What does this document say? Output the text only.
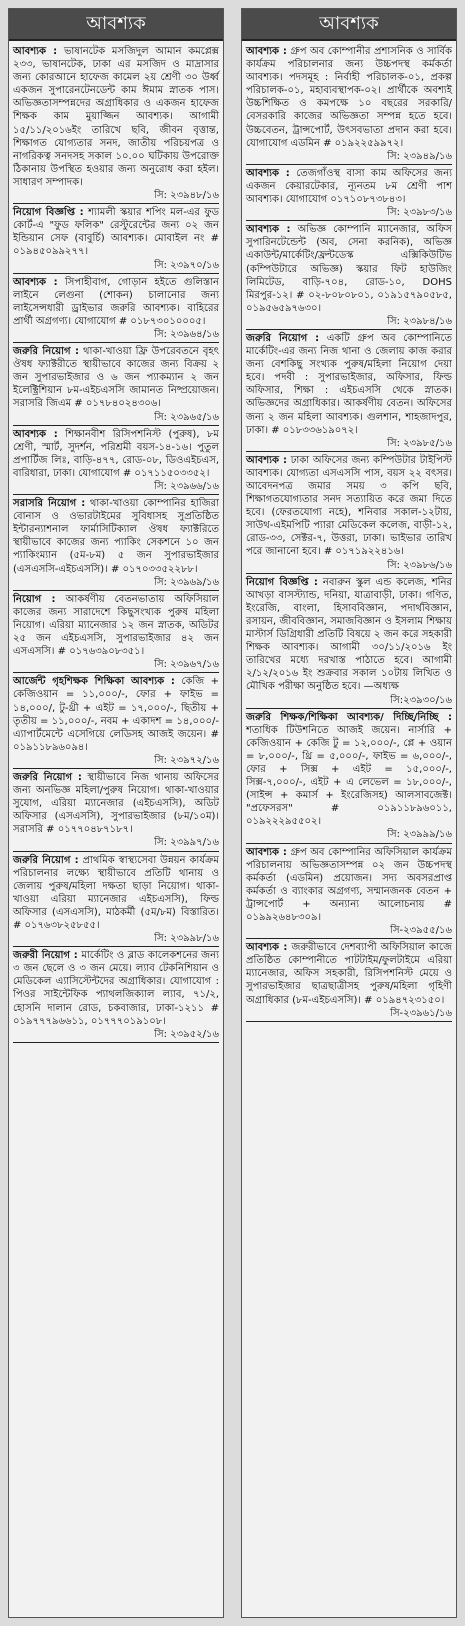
আবশ্যক
আবশ্যক : ভাষানটেক মসজিদুল আমান কমপ্লেক্স ২৩৩, ভাষানটেক, ঢাকা এর মসজিদ ও মাদ্রাসার জন্য কোরআনে হাফেজ কামেল ২য় শ্রেণী ৩০ উর্ধ্ব একজন সুপারেনটেনডেন্ট কাম ঈমাম স্নাতক পাস। অভিজ্ঞতাসম্পন্নদের অগ্রাধিকার ও একজন হাফেজ শিক্ষক কাম মুয়াজ্জিন আবশ্যক। আগামী ১৫/১১/২০১৬ইং তারিখে ছবি, জীবন বৃত্তান্ত, শিক্ষাগত যোগ্যতার সনদ, জাতীয় পরিচয়পত্র ও নাগরিকত্ব সনদসহ সকাল ১০.০০ ঘটিকায় উপরোক্ত ঠিকানায় উপস্থিত হওয়ার জন্য অনুরোধ করা হইল। সাধারণ সম্পাদক।
সি: ২৩৯৪৮/১৬
নিয়োগ বিজ্ঞপ্তি : শ্যামলী স্কয়ার শপিং মল-এর ফুড কোর্ট-এ "ফুড ফলিক" রেস্টুরেন্টের জন্য ০২ জন ইন্ডিয়ান সেফ (বাবুর্চি) আবশ্যক। মোবাইল নং # ০১৯৪৫০৯৯২৭৭।
সি: ২৩৯৭০/১৬
আবশ্যক : সিপাহীবাগ, গোড়ান হইতে গুলিস্তান লাইনে লেগুনা (শোকন) চালানোর জন্য লাইসেন্সধারী ড্রাইভার জরুরি আবশ্যক। বাহিরের প্রার্থী অগ্রগণ্য। যোগাযোগ # ০১৮৭৩০১০০০৫।
সি: ২৩৯৬৪/১৬
জরুরি নিয়োগ : থাকা-খাওয়া ফ্রি উপরেবতনে বৃহৎ ঔষধ ফ্যাক্টরীতে স্থায়ীভাবে কাজের জন্য বিক্রয় ২ জন সুপারভাইজার ও ৬ জন প্যাকম্যান ২ জন ইলেক্ট্রিশিয়ান ৮ম-এইচএসসি জামানত নিষ্প্রয়োজন। সরাসরি জিএম # ০১৭৮৪০২৪৩০৬।
সি: ২৩৯৬৫/১৬
আবশ্যক : শিক্ষানবীশ রিসিপশনিস্ট (পুরুষ), ৮ম শ্রেণী, স্মার্ট, সুদর্শন, পরিশ্রমী বয়স-১৪-১৬। পুতুল প্রপার্টিজ লিঃ, বাড়ি-৪৭৭, রোড-০৮, ডিওএইচএস, বারিধারা, ঢাকা। যোগাযোগ # ০১৭১১৫০৩৩৫২।
সি: ২৩৯৬৬/১৬
সরাসরি নিয়োগ : থাকা-খাওয়া কোম্পানির হাজিরা বোনাস ও ওভারটাইমের সুবিধাসহ সুপ্রতিষ্ঠিত ইন্টারন্যাশনাল ফার্মাসিটিক্যাল ঔষধ ফ্যাক্টরিতে স্থায়ীভাবে কাজের জন্য প্যাকিং সেকশনে ১০ জন প্যাকিংম্যান (৫ম-৮ম) ৫ জন সুপারভাইজার (এসএসসি-এইচএসসি)। # ০১৭০৩৩৫২২৮৮।
সি: ২৩৯৬৯/১৬
নিয়োগ : আকর্ষণীয় বেতনভাতায় অফিসিয়াল কাজের জন্য সারাদেশে কিছুসংখ্যক পুরুষ মহিলা নিয়োগ। এরিয়া ম্যানেজার ১২ জন স্নাতক, অডিটর ২৫ জন এইচএসসি, সুপারভাইজার ৪২ জন এসএসসি। # ০১৭৬৩৯০৮৩৫১।
সি: ২৩৯৬৭/১৬
আর্জেন্ট গৃহশিক্ষক শিক্ষিকা আবশ্যক : কেজি + কেজিওয়ান = ১১,০০০/-, ফোর + ফাইভ = ১৪,০০০/, টু-থ্রী + এইট = ১৭,০০০/-, ছিতীয় + তৃতীয় = ১১,০০০/-, নবম + একাদশ = ১৪,০০০/- এ্যাপার্টমেন্টে এসেগিয়ে লেডিসহ আজই জয়েন। # ০১৯১১৮৯৬০৯৪।
সি: ২৩৯৭২/১৬
জরুরি নিয়োগ : স্থায়ীভাবে নিজ থানায় অফিসের জন্য অনভিজ্ঞ মহিলা/পুরুষ নিয়োগ। থাকা-খাওয়ার সুযোগ, এরিয়া ম্যানেজার (এইচএসসি), অডিট অফিসার (এসএসসি), সুপারভাইজার (৮ম/১০ম)। সরাসরি # ০১৭৭০৪৮৭১৮৭।
সি: ২৩৯৯৭/১৬
জরুরি নিয়োগ : প্রাথমিক স্বাস্থ্যসেবা উন্নয়ন কার্যক্রম পরিচালনার লক্ষ্যে স্থায়ীভাবে প্রতিটি থানায় ও জেলায় পুরুষ/মহিলা দক্ষতা ছাড়া নিয়োগ। থাকা-খাওয়া এরিয়া ম্যানেজার এইচএসসি), ফিল্ড অফিসার (এসএসসি), মাঠকর্মী (৫ম/৮ম) বিস্তারিত। # ০১৭৬৩৮২৫৮৫৫।
সি: ২৩৯৯৮/১৬
জরুরী নিয়োগ : মার্কেটিং ও ব্লাড কালেকশনের জন্য ৩ জন ছেলে ও ৩ জন মেয়ে। ল্যাব টেকনিশিয়ান ও মেডিকেল এ্যাসিস্টেন্টদের অগ্রাধিকার। যোগাযোগ : পিওর সাইন্টেফিক প্যাথলজিক্যাল ল্যাব, ৭১/২, হোসনি দালান রোড, চকবাজার, ঢাকা-১২১১ # ০১৯৭৭৭৯৬৬১১, ০১৭৭৭০১৯১০৮।
সি: ২৩৯৫২/১৬
আবশ্যক
আবশ্যক : গ্রুপ অব কোম্পানীর প্রশাসনিক ও সার্বিক কার্যক্রম পরিচালনার জন্য উচ্চপদস্থ কর্মকর্তা আবশ্যক। পদসমূহ : নির্বাহী পরিচালক-০১, প্রকল্প পরিচালক-০১, মহাব্যবস্থাপক-০২। প্রার্থীকে অবশ্যই উচ্চশিক্ষিত ও কমপক্ষে ১০ বছরের সরকারি/বেসরকারি কাজের অভিজ্ঞতা সম্পন্ন হতে হবে। উচ্চবেতন, ট্রান্সপোর্ট, উৎসবভাতা প্রদান করা হবে। যোগাযোগ এডমিন # ০১৯২২৫৯৯৭২।
সি: ২৩৯৪৯/১৬
আবশ্যক : তেজগাঁওস্থ বাসা কাম অফিসের জন্য একজন কেয়ারটেকার, ন্যূনতম ৮ম শ্রেণী পাশ আবশ্যক। যোগাযোগ ০১৭১০৮৭৩৮৪৩।
সি: ২৩৯৮৩/১৬
আবশ্যক : অভিজ্ঞ কোম্পানি ম্যানেজার, অফিস সুপারিনটেন্ডেন্ট (অব, সেনা করনিক), অভিজ্ঞ একাউন্ট/মার্কেটিং/ফ্রন্টডেস্ক এক্সিকিউটিভ (কম্পিউটারে অভিজ্ঞ) স্কয়ার ফিট হাউজিং লিমিটেড, বাড়ি-৭০৪, রোড-১০, DOHS মিরপুর-১২। # ০২-৮০৮০৮০১, ০১৯১৫৭৯০৫৮৫, ০১৯৫৬৫৯৭৬৩০।
সি: ২৩৯৮৪/১৬
জরুরি নিয়োগ : একটি গ্রুপ অব কোম্পানিতে মার্কেটিং-এর জন্য নিজ থানা ও জেলায় কাজ করার জন্য বেশকিছু সংখ্যক পুরুষ/মহিলা নিয়োগ দেয়া হবে। পদবী : সুপারভাইজার, অফিসার, ফিল্ড অফিসার, শিক্ষা : এইচএসসি থেকে স্নাতক। অভিজ্ঞদের অগ্রাধিকার। আকর্ষণীয় বেতন। অফিসের জন্য ২ জন মহিলা আবশ্যক। গুলশান, শাহজাদপুর, ঢাকা। # ০১৮৩৩৬১৯০৭২।
সি: ২৩৯৮৫/১৬
আবশ্যক : ঢাকা অফিসের জন্য কম্পিউটার টাইপিস্ট আবশ্যক। যোগ্যতা এসএসসি পাস, বয়স ২২ বৎসর। আবেদনপত্র জমার সময় ৩ কপি ছবি, শিক্ষাগতযোগ্যতার সনদ সত্যায়িত করে জমা দিতে হবে। (ফেরতযোগ্য নহে), শনিবার সকাল-১২টায়, সাউথ-এইমপিটি প্যারা মেডিকেল কলেজ, বাড়ী-১২, রোড-৩৩, সেক্টর-৭, উত্তরা, ঢাকা। ভাইভার তারিখ পরে জানানো হবে। # ০১৭১৯২২৪১৬।
সি: ২৩৯৮৬/১৬
নিয়োগ বিজ্ঞপ্তি : নবারুন স্কুল এন্ড কলেজ, শনির আখড়া বাসস্ট্যান্ড, দনিয়া, যাত্রাবাড়ী, ঢাকা। গণিত, ইংরেজি, বাংলা, হিসাববিজ্ঞান, পদার্থবিজ্ঞান, রসায়ন, জীববিজ্ঞান, সমাজবিজ্ঞান ও ইসলাম শিক্ষায় মাস্টার্স ডিগ্রিধারী প্রতিটি বিষয়ে ২ জন করে সহকারী শিক্ষক আবশ্যক। আগামী ৩০/১১/২০১৬ ইং তারিখের মধ্যে দরখাস্ত পাঠাতে হবে। আগামী ২/১২/২০১৬ ইং শুক্রবার সকাল ১০টায় লিখিত ও মৌখিক পরীক্ষা অনুষ্ঠিত হবে। —অধ্যক্ষ
সি:২৩৯৩০/১৬
জরুরি শিক্ষক/শিক্ষিকা আবশ্যক/ দিচ্ছি/নিচ্ছি : শতাধিক টিউশনিতে আজই জয়েন। নার্সারি + কেজিওয়ান + কেজি টু = ১২,০০০/-, প্লে + ওয়ান = ৮,০০০/-, থ্রি = ৫,০০০/-, ফাইভ = ৬,০০০/-, ফোর + সিক্স + এইট = ১৫,০০০/-, সিক্স-৭,০০০/-, এইট + এ লেভেল = ১৮,০০০/-, (সাইন্স + কমার্স + ইংরেজিসহ) আলসাবজেক্ট। "প্রফেসরস" # ০১৯১১৮৯৬০১১, ০১৯২২২৯৫৫০২।
সি: ২৩৯৯৯/১৬
আবশ্যক : গ্রুপ অব কোম্পানির অফিসিয়াল কার্যক্রম পরিচালনায় অভিজ্ঞতাসম্পন্ন ০২ জন উচ্চপদস্থ কর্মকর্তা (এডমিন) প্রয়োজন। সদ্য অবসরপ্রাপ্ত কর্মকর্তা ও ব্যাংকার অগ্রগণ্য, সম্মানজনক বেতন + ট্রান্সপোর্ট + অন্যান্য আলোচনায় # ০১৯৯২৬৪৮৩০৯।
সি-২৩৯৫৫/১৬
আবশ্যক : জরুরীভাবে দেশব্যাপী অফিসিয়াল কাজে প্রতিষ্ঠিত কোম্পানীতে পাটটাইম/ফুলটাইমে এরিয়া ম্যানেজার, অফিস সহকারী, রিসিপশনিস্ট মেয়ে ও সুপারভাইজার ছাত্রছাত্রীসহ পুরুষ/মহিলা গৃহিণী অগ্রাধিকার (৮ম-এইচএসসি)। # ০১৯৪৭২৩১৫০।
সি-২৩৯৬১/১৬
